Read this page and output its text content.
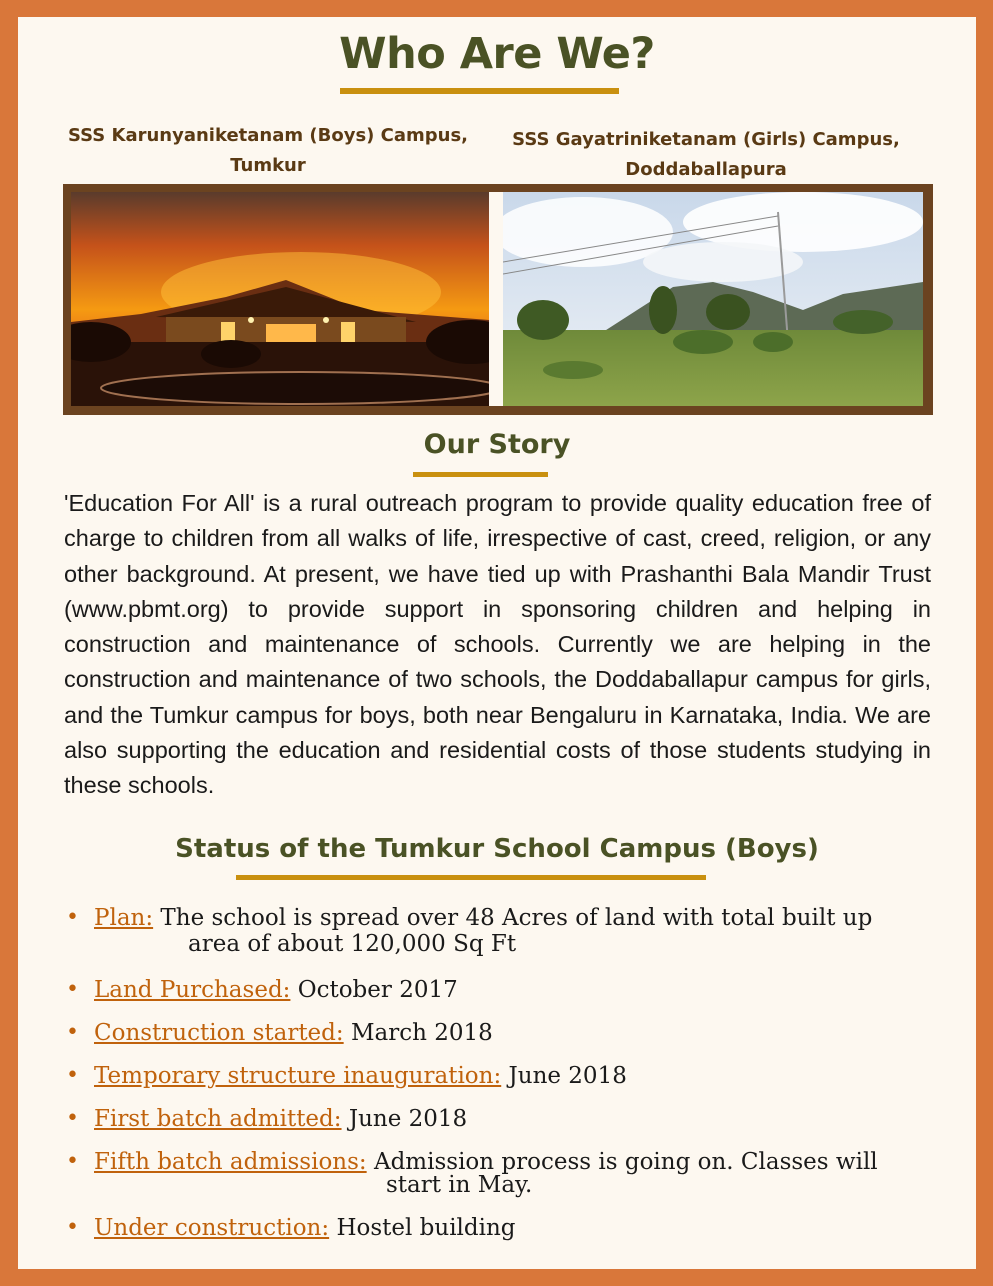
Who Are We?
SSS Karunyaniketanam (Boys) Campus, Tumkur
SSS Gayatriniketanam (Girls) Campus, Doddaballapura
Our Story

'Education For All' is a rural outreach program to provide quality education free of charge to children from all walks of life, irrespective of cast, creed, religion, or any other background. At present, we have tied up with Prashanthi Bala Mandir Trust (www.pbmt.org) to provide support in sponsoring children and helping in construction and maintenance of schools. Currently we are helping in the construction and maintenance of two schools, the Doddaballapur campus for girls, and the Tumkur campus for boys, both near Bengaluru in Karnataka, India. We are also supporting the education and residential costs of those students studying in these schools.

Status of the Tumkur School Campus (Boys)
• Plan: The school is spread over 48 Acres of land with total built up
area of about 120,000 Sq Ft
• Land Purchased: October 2017
• Construction started: March 2018
• Temporary structure inauguration: June 2018
• First batch admitted: June 2018
• Fifth batch admissions: Admission process is going on. Classes will
start in May.
• Under construction: Hostel building
